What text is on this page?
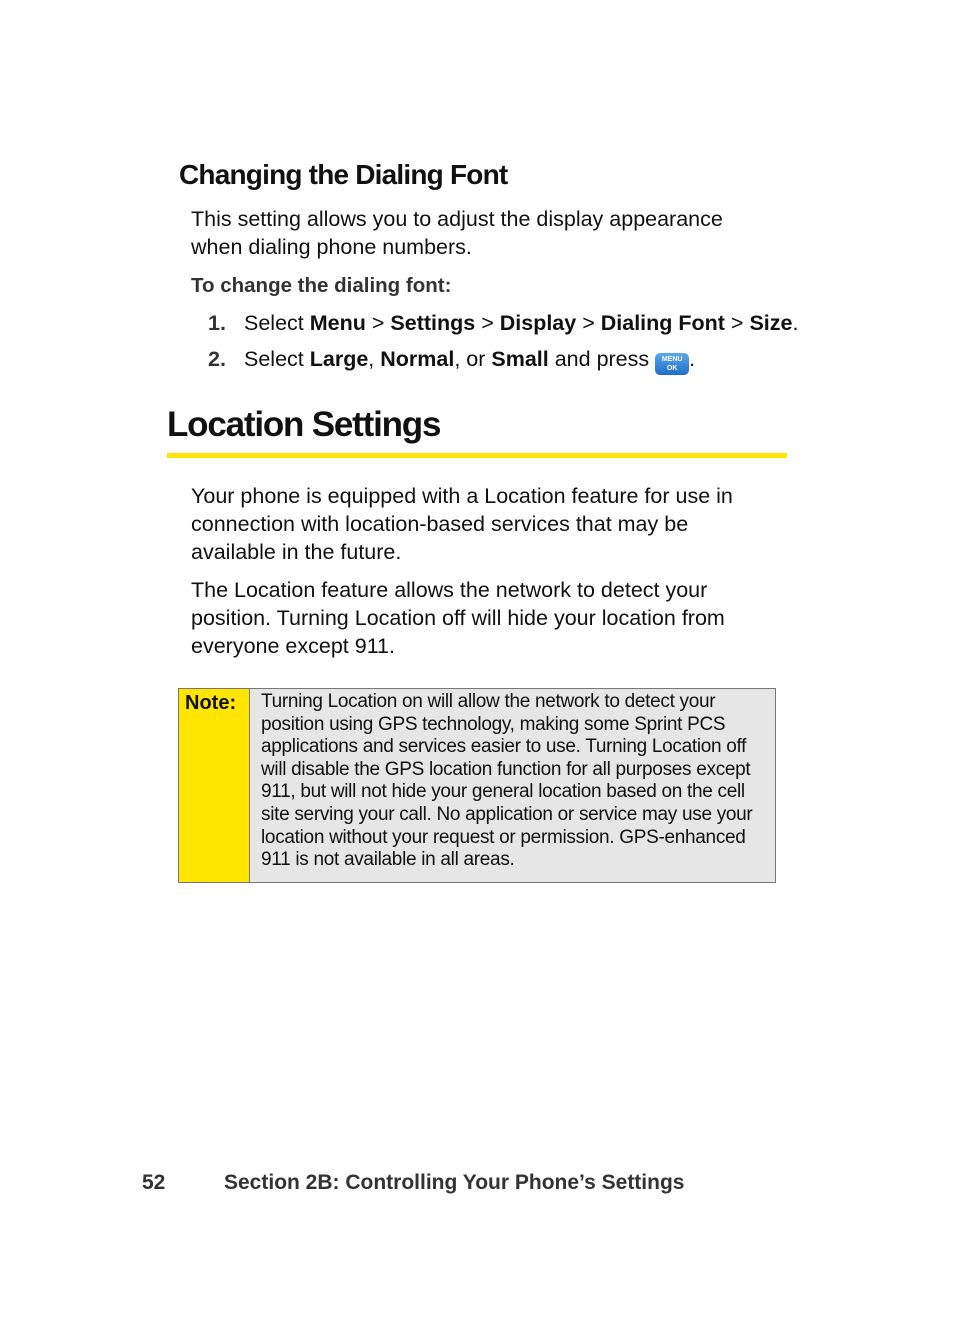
Changing the Dialing Font
This setting allows you to adjust the display appearance
when dialing phone numbers.
To change the dialing font:
1. Select Menu > Settings > Display > Dialing Font > Size.
2. Select Large, Normal, or Small and press MENU
OK .
Location Settings
Your phone is equipped with a Location feature for use in
connection with location-based services that may be
available in the future.
The Location feature allows the network to detect your
position. Turning Location off will hide your location from
everyone except 911.
Note:	Turning Location on will allow the network to detect your
position using GPS technology, making some Sprint PCS
applications and services easier to use. Turning Location off
will disable the GPS location function for all purposes except
911, but will not hide your general location based on the cell
site serving your call. No application or service may use your
location without your request or permission. GPS-enhanced
911 is not available in all areas.
52	Section 2B: Controlling Your Phone’s Settings
